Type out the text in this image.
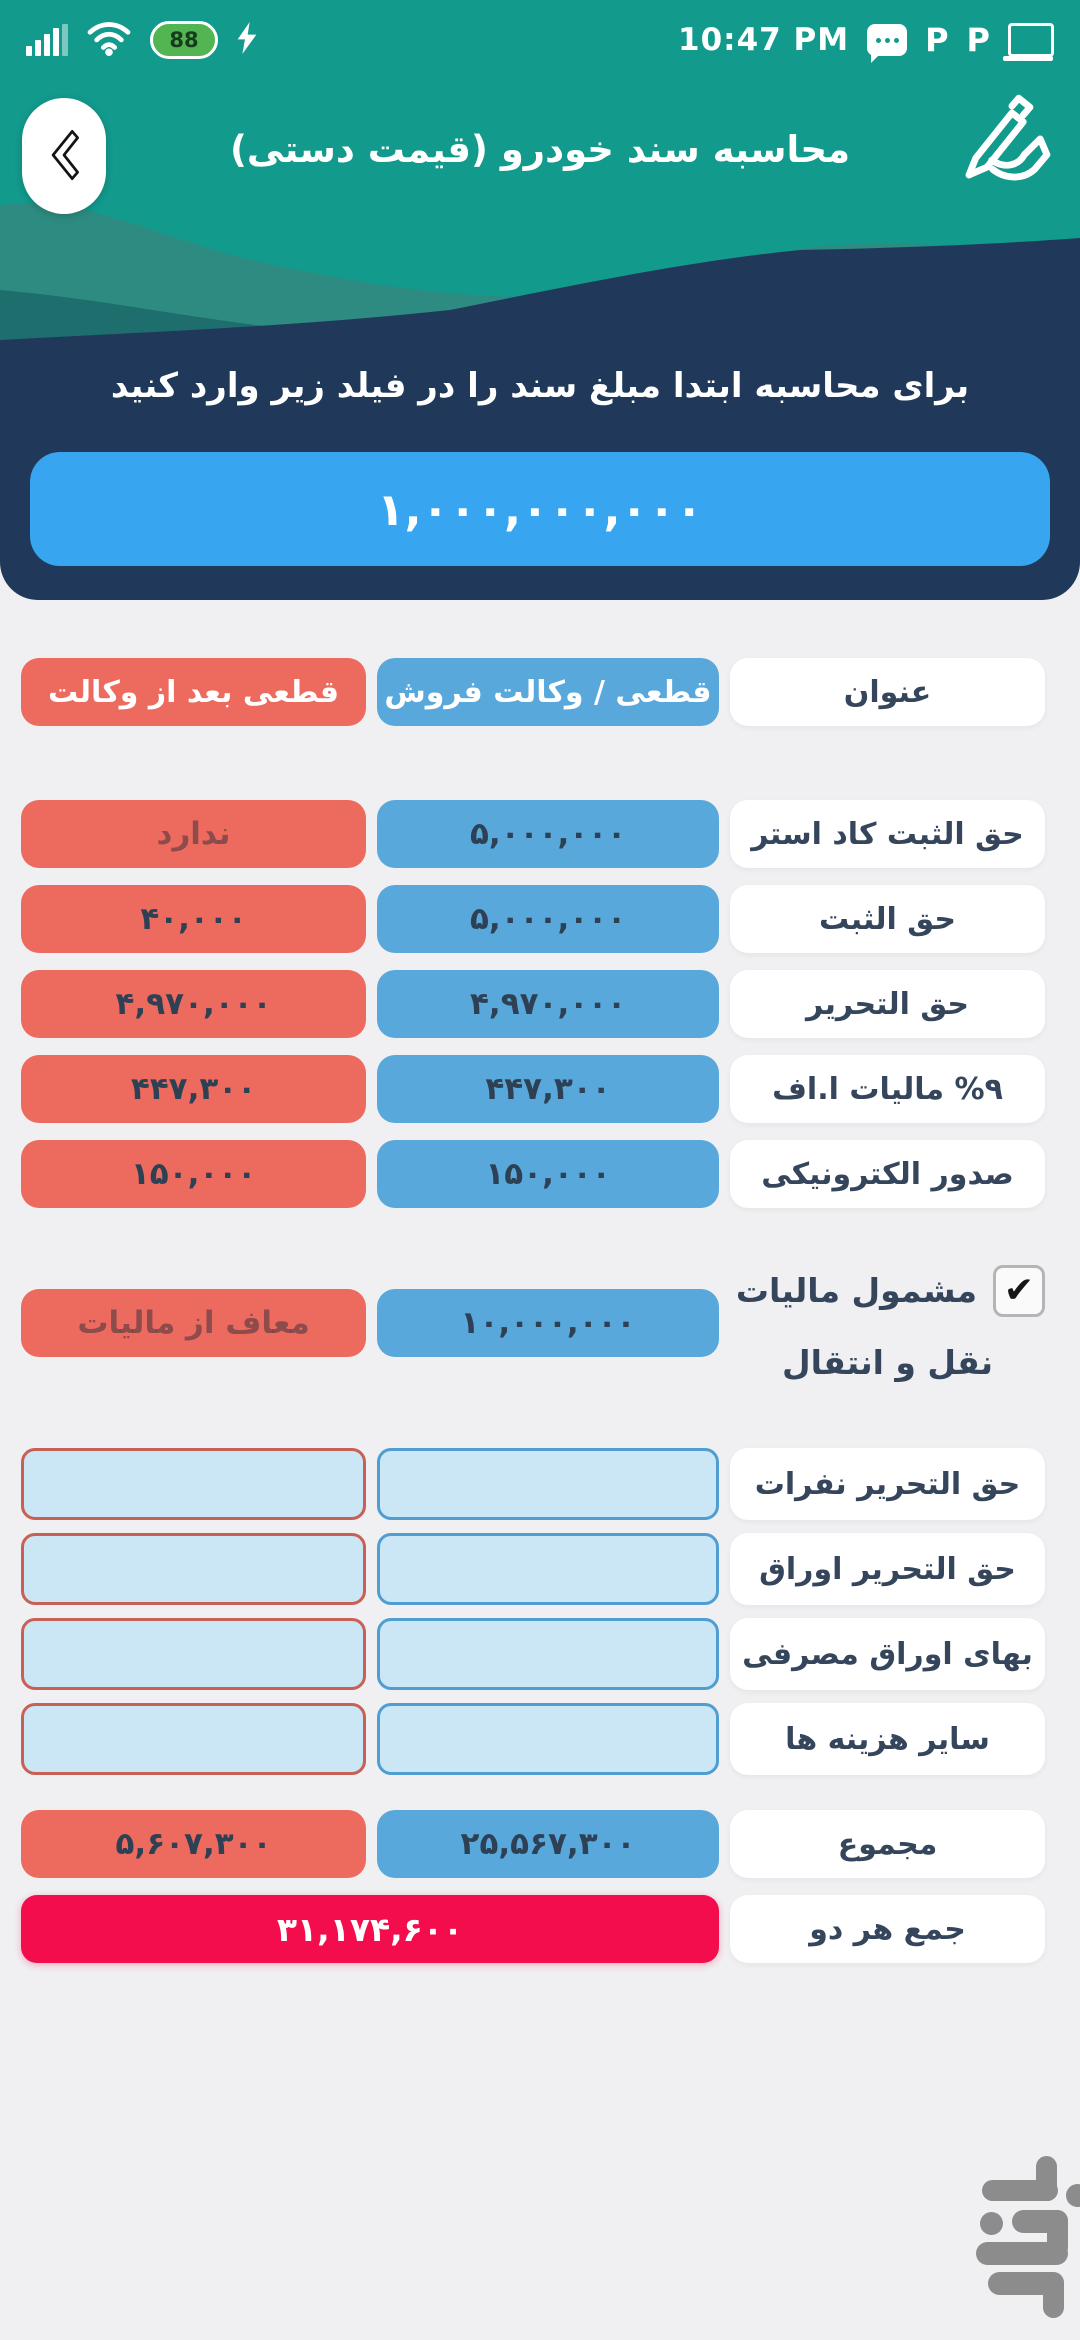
10:47 PM P P
88
محاسبه سند خودرو (قیمت دستی)
برای محاسبه ابتدا مبلغ سند را در فیلد زیر وارد کنید
۱,۰۰۰,۰۰۰,۰۰۰
عنوان
قطعی / وکالت فروش
قطعی بعد از وکالت
حق الثبت کاد استر
۵,۰۰۰,۰۰۰
ندارد
حق الثبت
۵,۰۰۰,۰۰۰
۴۰,۰۰۰
حق التحریر
۴,۹۷۰,۰۰۰
۴,۹۷۰,۰۰۰
%۹ مالیات ا.اف
۴۴۷,۳۰۰
۴۴۷,۳۰۰
صدور الکترونیکی
۱۵۰,۰۰۰
۱۵۰,۰۰۰
✔
مشمول مالیات
نقل و انتقال
۱۰,۰۰۰,۰۰۰
معاف از مالیات
حق التحریر نفرات
حق التحریر اوراق
بهای اوراق مصرفی
سایر هزینه ها
مجموع
۲۵,۵۶۷,۳۰۰
۵,۶۰۷,۳۰۰
جمع هر دو
۳۱,۱۷۴,۶۰۰
